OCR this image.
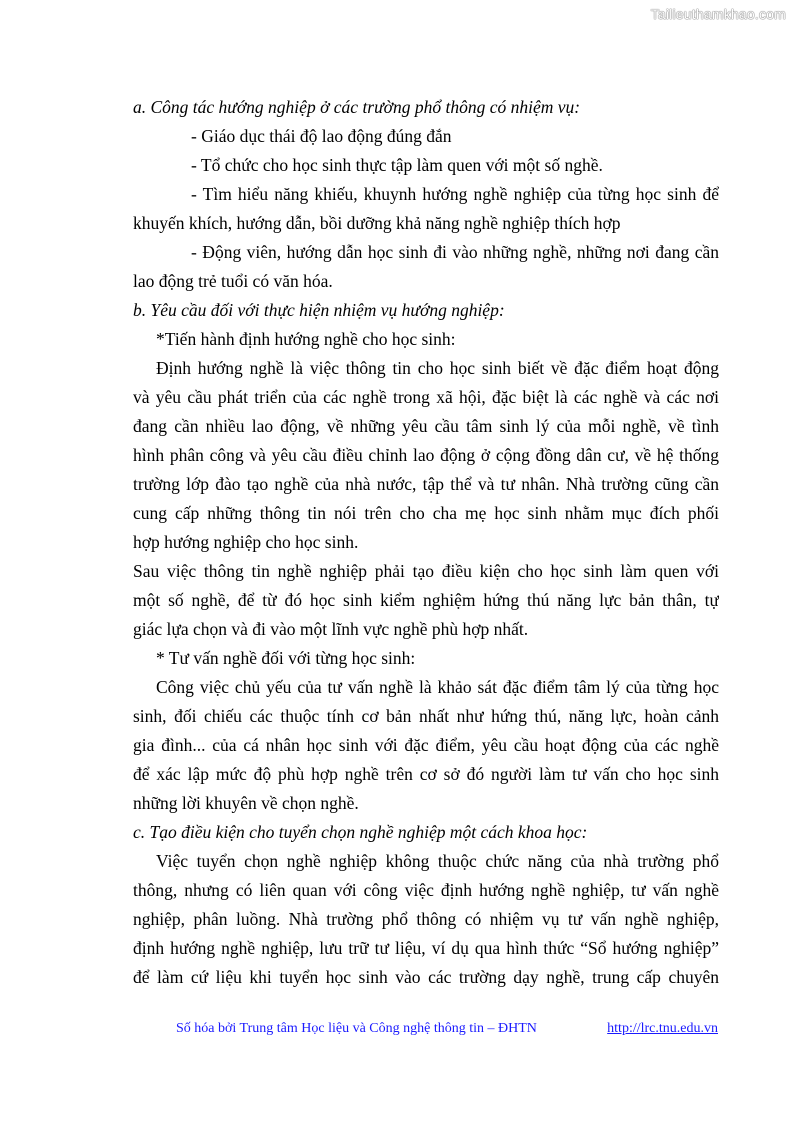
Tailieuthamkhao.com
a. Công tác hướng nghiệp ở các trường phổ thông có nhiệm vụ:
- Giáo dục thái độ lao động đúng đắn
- Tổ chức cho học sinh thực tập làm quen với một số nghề.
- Tìm hiểu năng khiếu, khuynh hướng nghề nghiệp của từng học sinh để
khuyến khích, hướng dẫn, bồi dưỡng khả năng nghề nghiệp thích hợp
- Động viên, hướng dẫn học sinh đi vào những nghề, những nơi đang cần
lao động trẻ tuổi có văn hóa.
b. Yêu cầu đối với thực hiện nhiệm vụ hướng nghiệp:
*Tiến hành định hướng nghề cho học sinh:
Định hướng nghề là việc thông tin cho học sinh biết về đặc điểm hoạt động
và yêu cầu phát triển của các nghề trong xã hội, đặc biệt là các nghề và các nơi
đang cần nhiều lao động, về những yêu cầu tâm sinh lý của mỗi nghề, về tình
hình phân công và yêu cầu điều chỉnh lao động ở cộng đồng dân cư, về hệ thống
trường lớp đào tạo nghề của nhà nước, tập thể và tư nhân. Nhà trường cũng cần
cung cấp những thông tin nói trên cho cha mẹ học sinh nhằm mục đích phối
hợp hướng nghiệp cho học sinh.
Sau việc thông tin nghề nghiệp phải tạo điều kiện cho học sinh làm quen với
một số nghề, để từ đó học sinh kiểm nghiệm hứng thú năng lực bản thân, tự
giác lựa chọn và đi vào một lĩnh vực nghề phù hợp nhất.
* Tư vấn nghề đối với từng học sinh:
Công việc chủ yếu của tư vấn nghề là khảo sát đặc điểm tâm lý của từng học
sinh, đối chiếu các thuộc tính cơ bản nhất như hứng thú, năng lực, hoàn cảnh
gia đình... của cá nhân học sinh với đặc điểm, yêu cầu hoạt động của các nghề
để xác lập mức độ phù hợp nghề trên cơ sở đó người làm tư vấn cho học sinh
những lời khuyên về chọn nghề.
c. Tạo điều kiện cho tuyển chọn nghề nghiệp một cách khoa học:
Việc tuyển chọn nghề nghiệp không thuộc chức năng của nhà trường phổ
thông, nhưng có liên quan với công việc định hướng nghề nghiệp, tư vấn nghề
nghiệp, phân luồng. Nhà trường phổ thông có nhiệm vụ tư vấn nghề nghiệp,
định hướng nghề nghiệp, lưu trữ tư liệu, ví dụ qua hình thức “Sổ hướng nghiệp”
để làm cứ liệu khi tuyển học sinh vào các trường dạy nghề, trung cấp chuyên
Số hóa bởi Trung tâm Học liệu và Công nghệ thông tin – ĐHTN	http://lrc.tnu.edu.vn
